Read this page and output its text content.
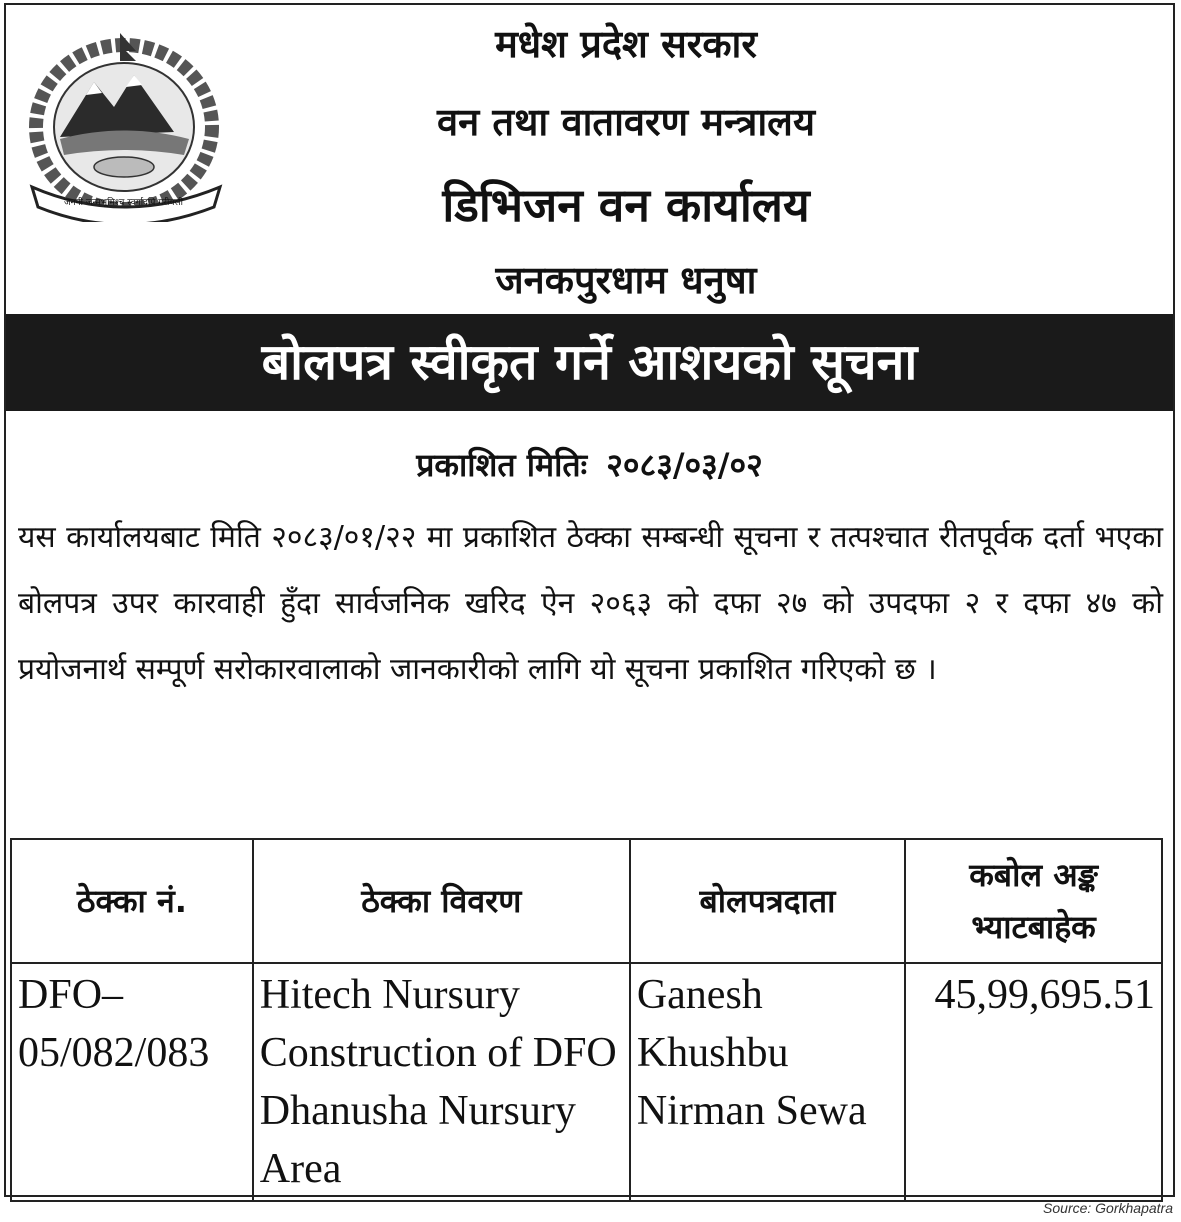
जननी जन्मभूमिश्च स्वर्गादपि गरीयसी
मधेश प्रदेश सरकार
वन तथा वातावरण मन्त्रालय
डिभिजन वन कार्यालय
जनकपुरधाम धनुषा
बोलपत्र स्वीकृत गर्ने आशयको सूचना
प्रकाशित मितिः २०८३/०३/०२
यस कार्यालयबाट मिति २०८३/०१/२२ मा प्रकाशित ठेक्का सम्बन्धी सूचना र तत्पश्चात रीतपूर्वक दर्ता भएका बोलपत्र उपर कारवाही हुँदा सार्वजनिक खरिद ऐन २०६३ को दफा २७ को उपदफा २ र दफा ४७ को प्रयोजनार्थ सम्पूर्ण सरोकारवालाको जानकारीको लागि यो सूचना प्रकाशित गरिएको छ ।
ठेक्का नं.	ठेक्का विवरण	बोलपत्रदाता	कबोल अङ्क भ्याटबाहेक
DFO–05/082/083	Hitech Nursury Construction of DFO Dhanusha Nursury Area	Ganesh Khushbu Nirman Sewa	45,99,695.51
Source: Gorkhapatra
